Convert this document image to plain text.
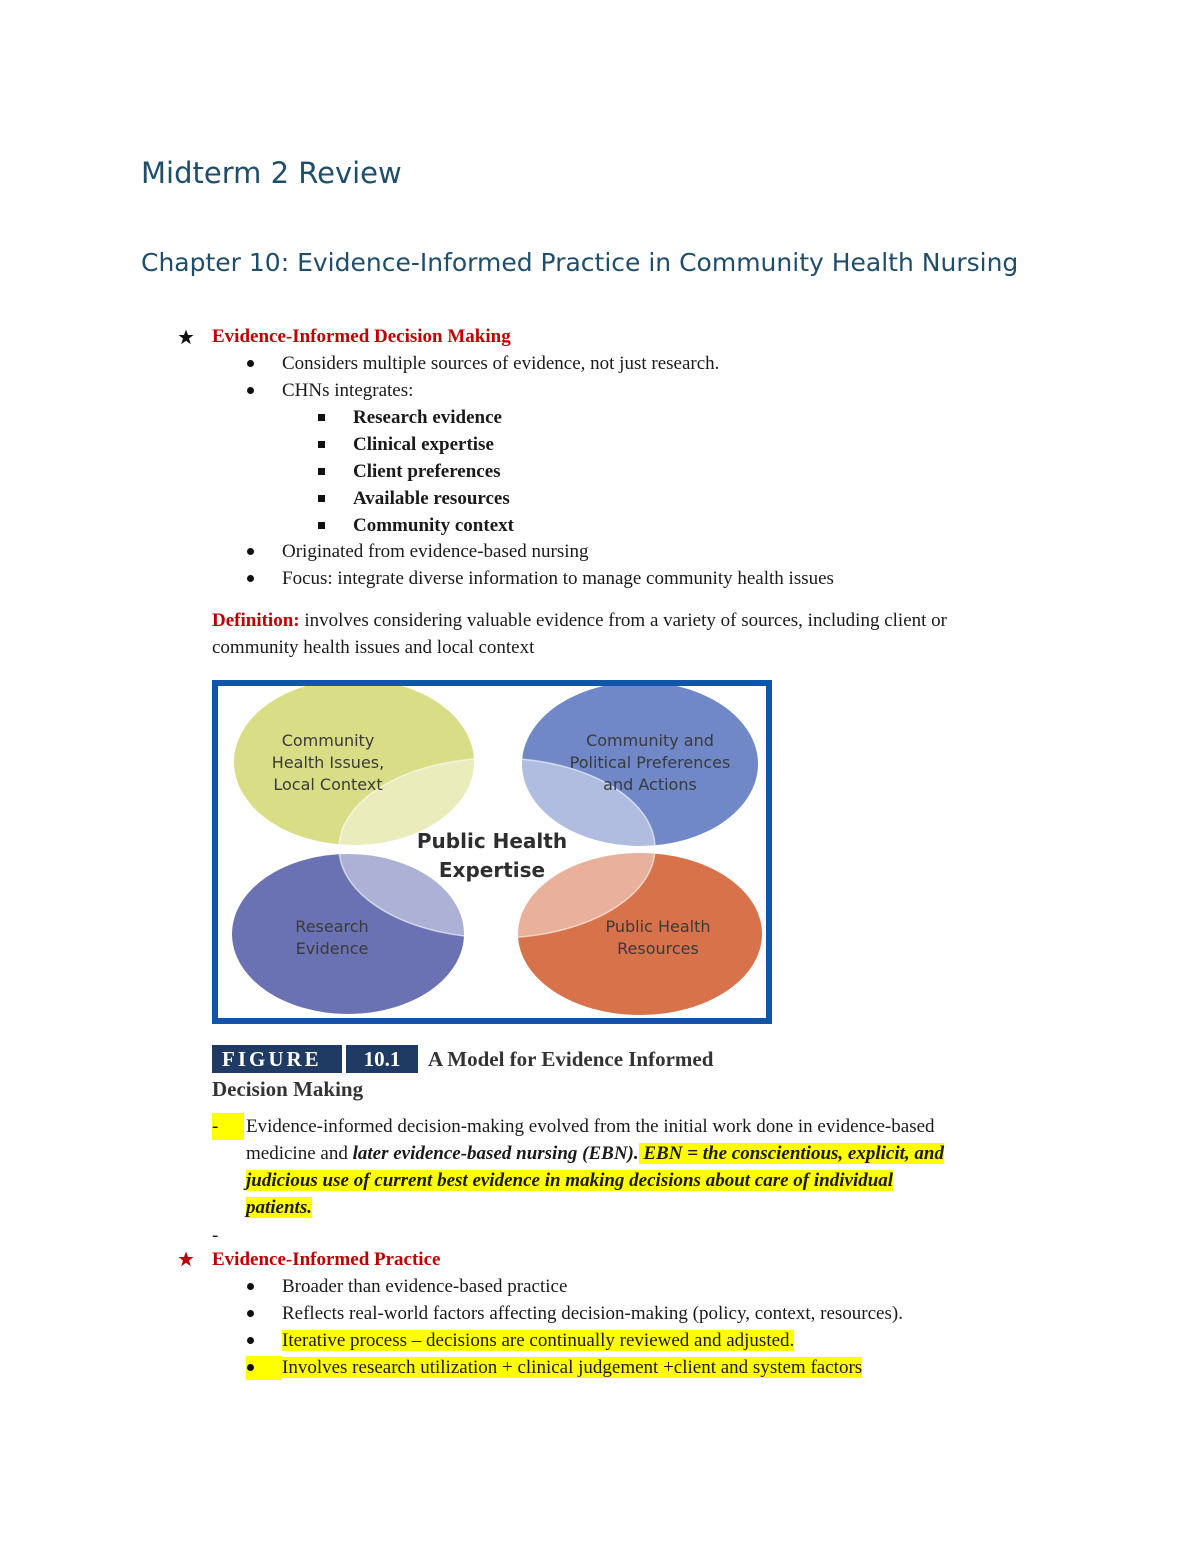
Midterm 2 Review
Chapter 10: Evidence-Informed Practice in Community Health Nursing
Evidence-Informed Decision Making
Considers multiple sources of evidence, not just research.
CHNs integrates:
Research evidence
Clinical expertise
Client preferences
Available resources
Community context
Originated from evidence-based nursing
Focus: integrate diverse information to manage community health issues
Definition: involves considering valuable evidence from a variety of sources, including client or
community health issues and local context
Community
Health Issues,
Local Context
Community and
Political Preferences
and Actions
Research
Evidence
Public Health
Resources
Public Health
Expertise
FIGURE	10.1	A Model for Evidence Informed
Decision Making
-	Evidence-informed decision-making evolved from the initial work done in evidence-based
medicine and later evidence-based nursing (EBN). EBN = the conscientious, explicit, and
judicious use of current best evidence in making decisions about care of individual
patients.
-
Evidence-Informed Practice
Broader than evidence-based practice
Reflects real-world factors affecting decision-making (policy, context, resources).
Iterative process – decisions are continually reviewed and adjusted.
Involves research utilization + clinical judgement +client and system factors
